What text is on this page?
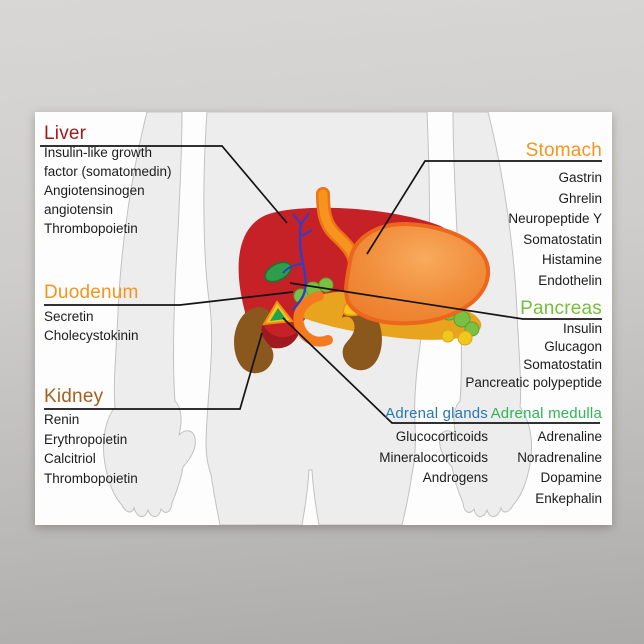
Liver
Insulin-like growth
factor (somatomedin)
Angiotensinogen
angiotensin
Thrombopoietin
Duodenum
Secretin
Cholecystokinin
Kidney
Renin
Erythropoietin
Calcitriol
Thrombopoietin
Stomach
Gastrin
Ghrelin
Neuropeptide Y
Somatostatin
Histamine
Endothelin
Pancreas
Insulin
Glucagon
Somatostatin
Pancreatic polypeptide
Adrenal glands
Glucocorticoids
Mineralocorticoids
Androgens
Adrenal medulla
Adrenaline
Noradrenaline
Dopamine
Enkephalin
